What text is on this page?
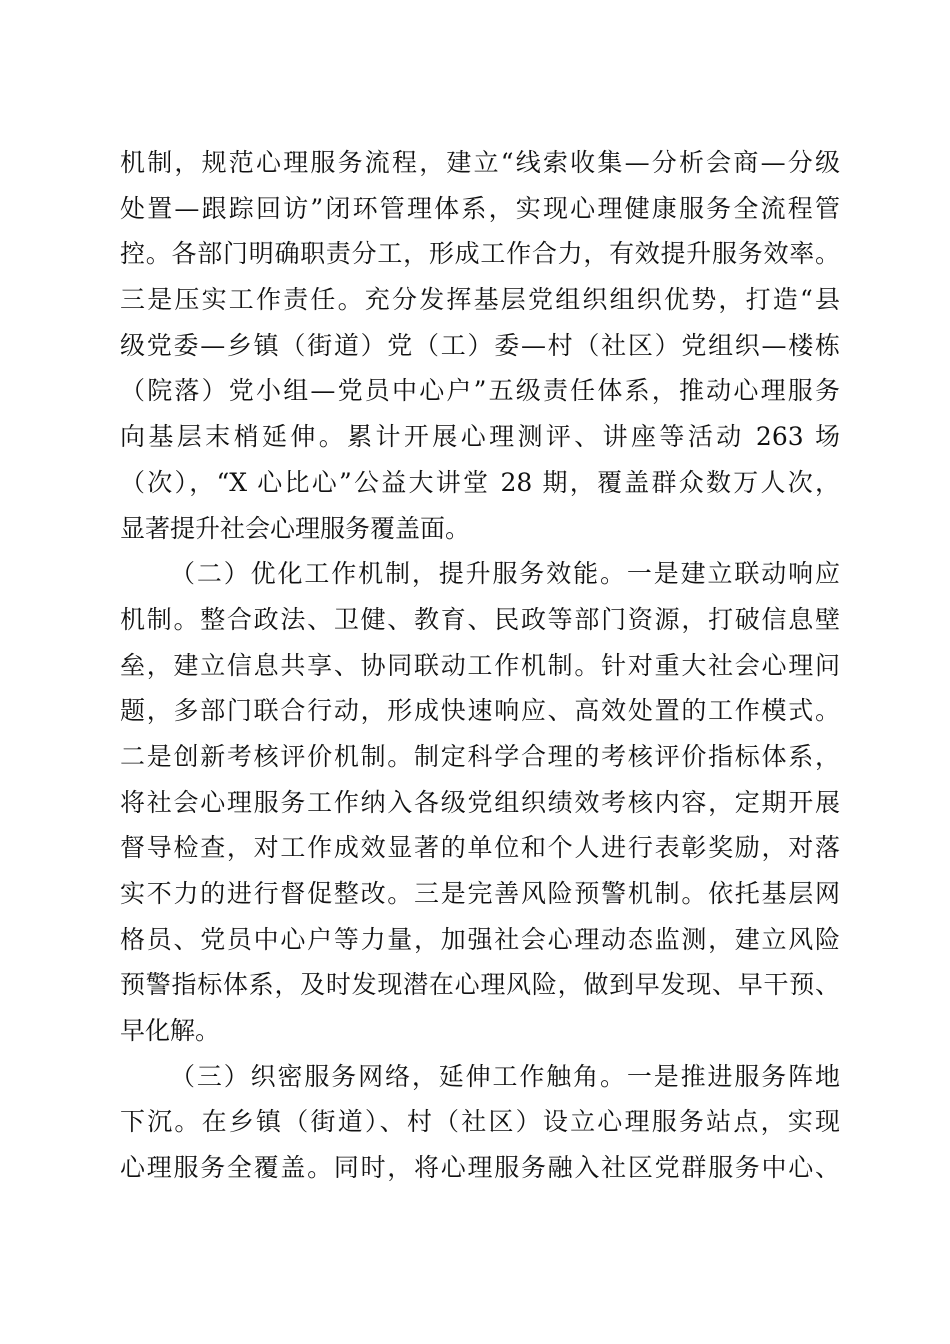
机制，规范心理服务流程，建立“线索收集—分析会商—分级
处置—跟踪回访”闭环管理体系，实现心理健康服务全流程管
控。各部门明确职责分工，形成工作合力，有效提升服务效率。
三是压实工作责任。充分发挥基层党组织组织优势，打造“县
级党委—乡镇（街道）党（工）委—村（社区）党组织—楼栋
（院落）党小组—党员中心户”五级责任体系，推动心理服务
向基层末梢延伸。累计开展心理测评、讲座等活动 263 场
（次），“X 心比心”公益大讲堂 28 期，覆盖群众数万人次，
显著提升社会心理服务覆盖面。
（二）优化工作机制，提升服务效能。一是建立联动响应
机制。整合政法、卫健、教育、民政等部门资源，打破信息壁
垒，建立信息共享、协同联动工作机制。针对重大社会心理问
题，多部门联合行动，形成快速响应、高效处置的工作模式。
二是创新考核评价机制。制定科学合理的考核评价指标体系，
将社会心理服务工作纳入各级党组织绩效考核内容，定期开展
督导检查，对工作成效显著的单位和个人进行表彰奖励，对落
实不力的进行督促整改。三是完善风险预警机制。依托基层网
格员、党员中心户等力量，加强社会心理动态监测，建立风险
预警指标体系，及时发现潜在心理风险，做到早发现、早干预、
早化解。
（三）织密服务网络，延伸工作触角。一是推进服务阵地
下沉。在乡镇（街道）、村（社区）设立心理服务站点，实现
心理服务全覆盖。同时，将心理服务融入社区党群服务中心、
